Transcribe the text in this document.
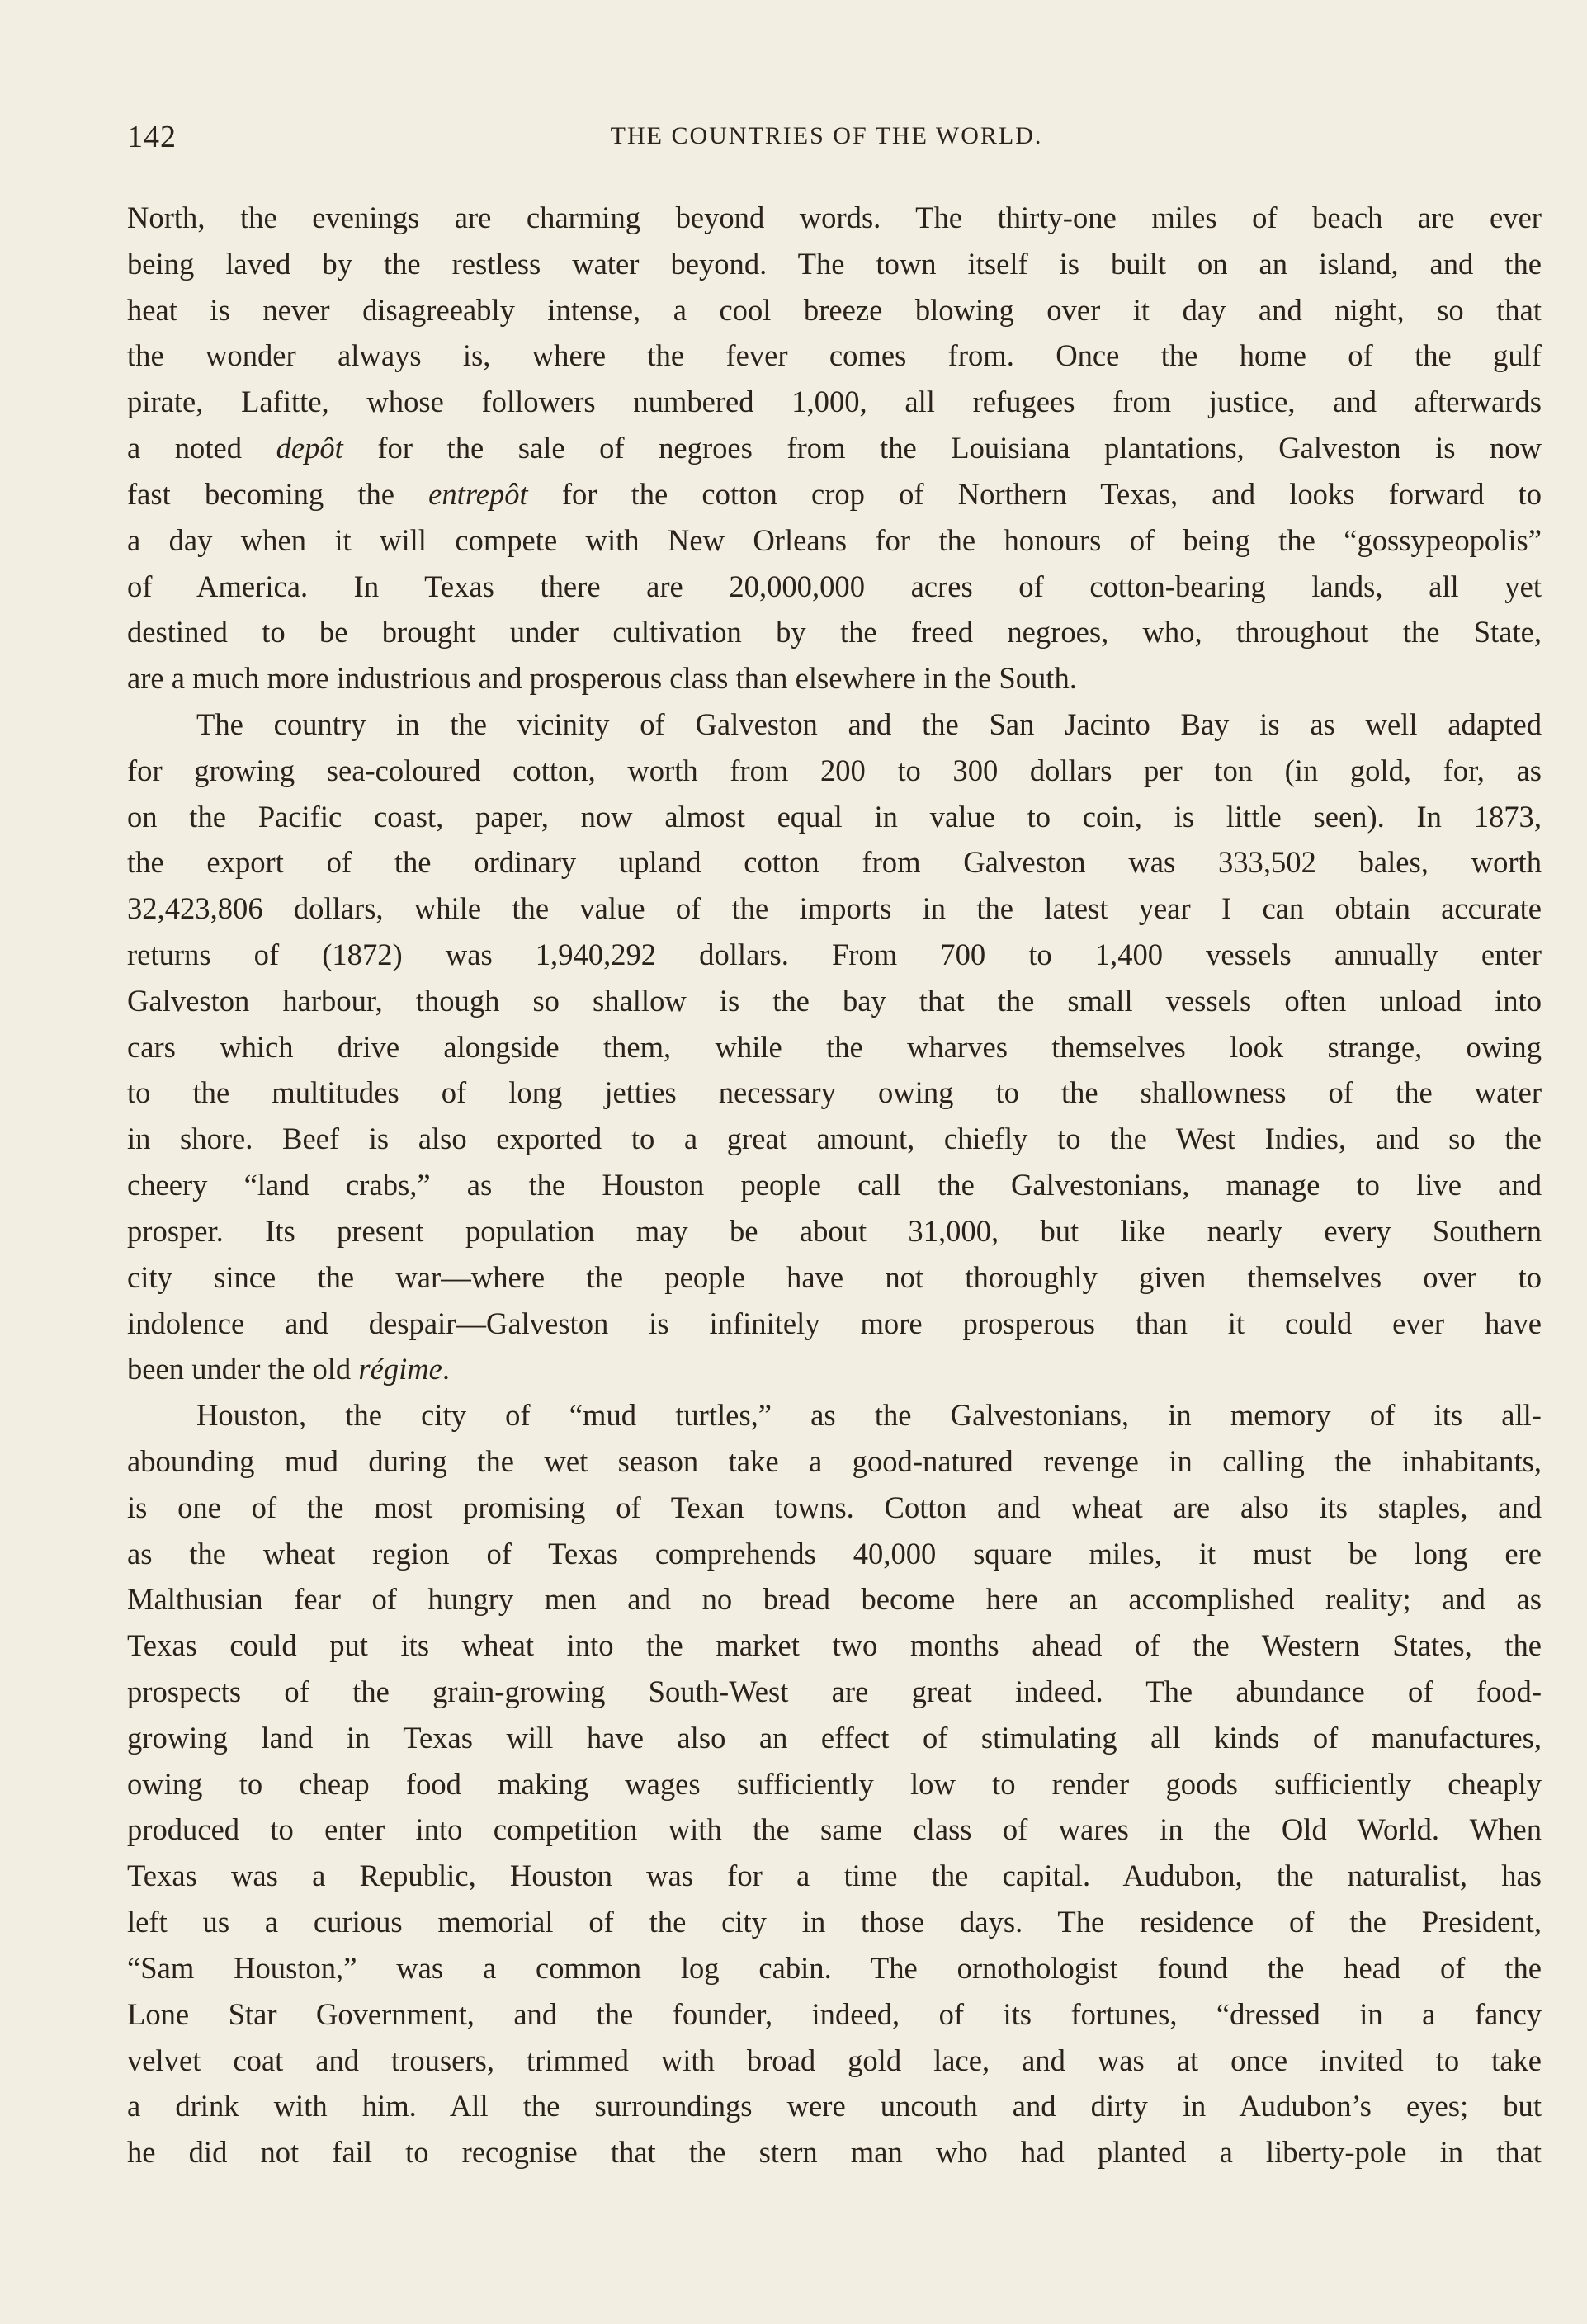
142	THE COUNTRIES OF THE WORLD.
North, the evenings are charming beyond words. The thirty-one miles of beach are ever
being laved by the restless water beyond. The town itself is built on an island, and the
heat is never disagreeably intense, a cool breeze blowing over it day and night, so that
the wonder always is, where the fever comes from. Once the home of the gulf
pirate, Lafitte, whose followers numbered 1,000, all refugees from justice, and afterwards
a noted depôt for the sale of negroes from the Louisiana plantations, Galveston is now
fast becoming the entrepôt for the cotton crop of Northern Texas, and looks forward to
a day when it will compete with New Orleans for the honours of being the “gossypeopolis”
of America. In Texas there are 20,000,000 acres of cotton-bearing lands, all yet
destined to be brought under cultivation by the freed negroes, who, throughout the State,
are a much more industrious and prosperous class than elsewhere in the South.
The country in the vicinity of Galveston and the San Jacinto Bay is as well adapted
for growing sea-coloured cotton, worth from 200 to 300 dollars per ton (in gold, for, as
on the Pacific coast, paper, now almost equal in value to coin, is little seen). In 1873,
the export of the ordinary upland cotton from Galveston was 333,502 bales, worth
32,423,806 dollars, while the value of the imports in the latest year I can obtain accurate
returns of (1872) was 1,940,292 dollars. From 700 to 1,400 vessels annually enter
Galveston harbour, though so shallow is the bay that the small vessels often unload into
cars which drive alongside them, while the wharves themselves look strange, owing
to the multitudes of long jetties necessary owing to the shallowness of the water
in shore. Beef is also exported to a great amount, chiefly to the West Indies, and so the
cheery “land crabs,” as the Houston people call the Galvestonians, manage to live and
prosper. Its present population may be about 31,000, but like nearly every Southern
city since the war—where the people have not thoroughly given themselves over to
indolence and despair—Galveston is infinitely more prosperous than it could ever have
been under the old régime.
Houston, the city of “mud turtles,” as the Galvestonians, in memory of its all-
abounding mud during the wet season take a good-natured revenge in calling the inhabitants,
is one of the most promising of Texan towns. Cotton and wheat are also its staples, and
as the wheat region of Texas comprehends 40,000 square miles, it must be long ere
Malthusian fear of hungry men and no bread become here an accomplished reality; and as
Texas could put its wheat into the market two months ahead of the Western States, the
prospects of the grain-growing South-West are great indeed. The abundance of food-
growing land in Texas will have also an effect of stimulating all kinds of manufactures,
owing to cheap food making wages sufficiently low to render goods sufficiently cheaply
produced to enter into competition with the same class of wares in the Old World. When
Texas was a Republic, Houston was for a time the capital. Audubon, the naturalist, has
left us a curious memorial of the city in those days. The residence of the President,
“Sam Houston,” was a common log cabin. The ornothologist found the head of the
Lone Star Government, and the founder, indeed, of its fortunes, “dressed in a fancy
velvet coat and trousers, trimmed with broad gold lace, and was at once invited to take
a drink with him. All the surroundings were uncouth and dirty in Audubon’s eyes; but
he did not fail to recognise that the stern man who had planted a liberty-pole in that
